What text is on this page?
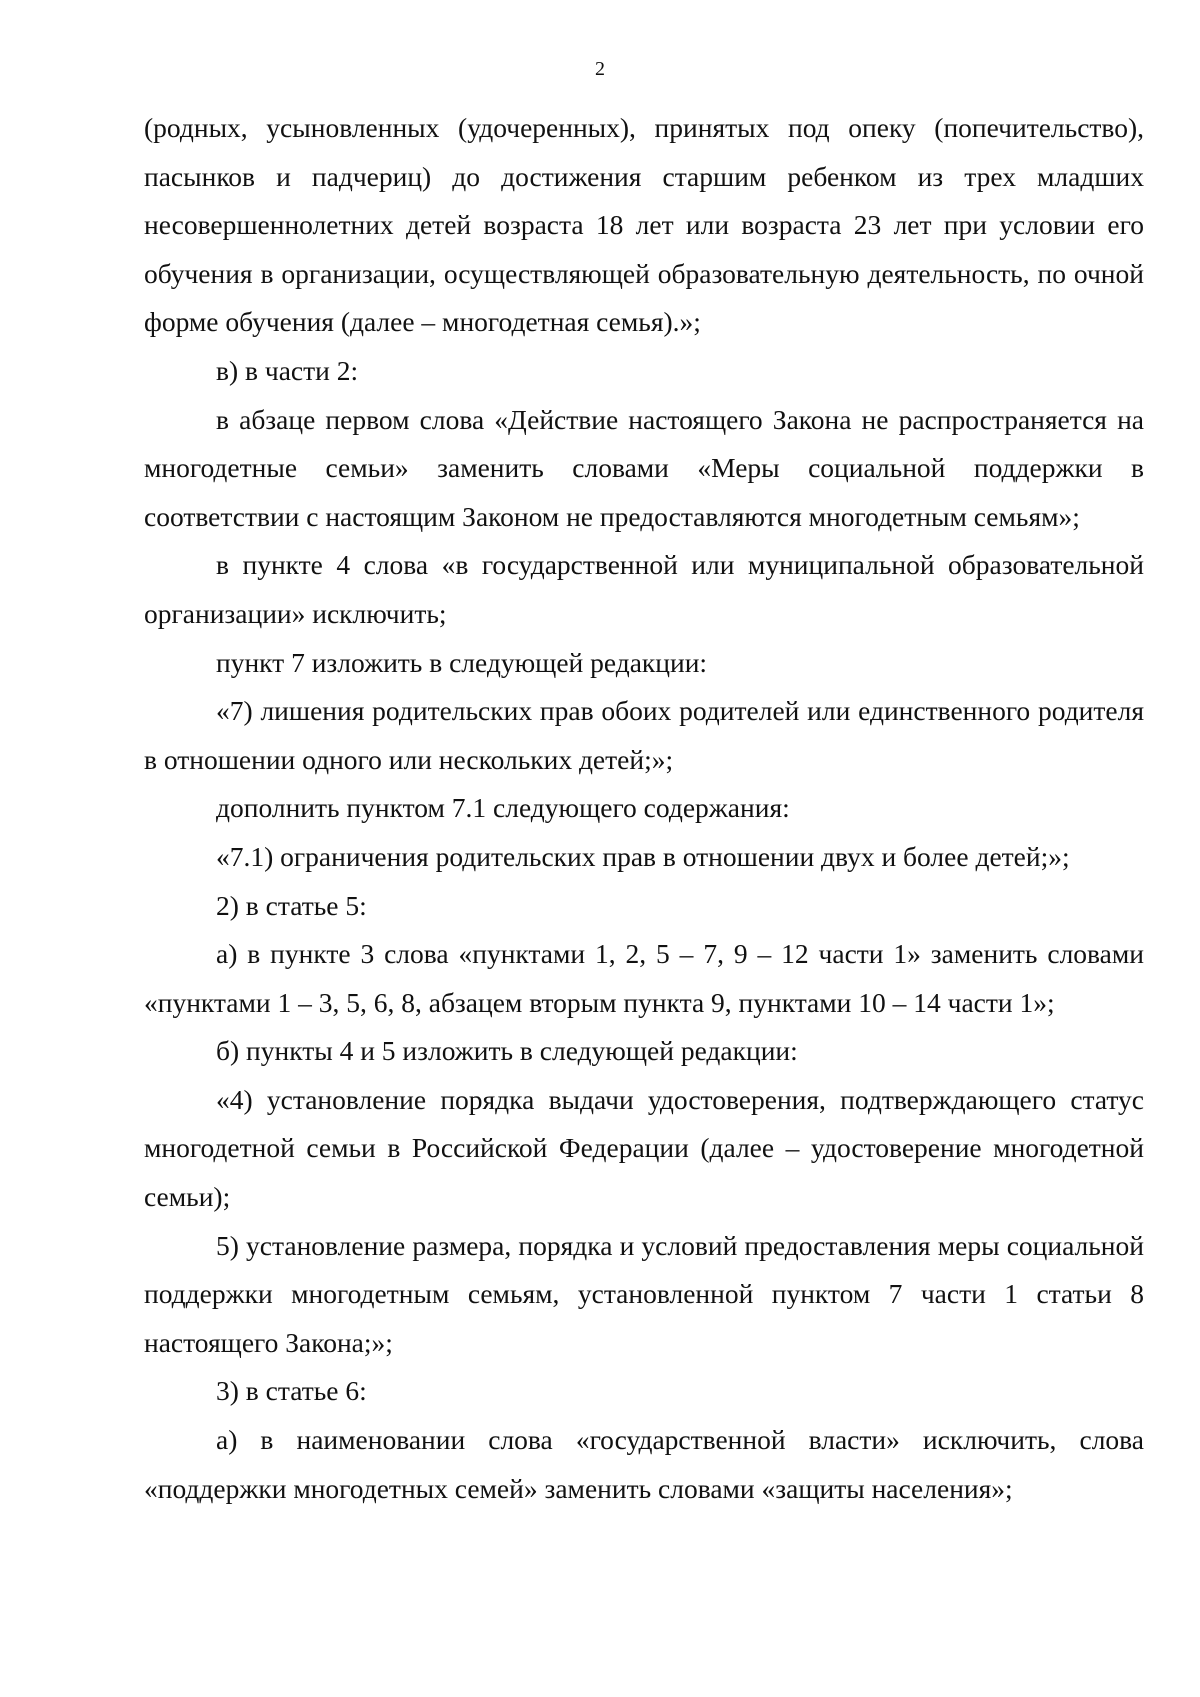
2

(родных, усыновленных (удочеренных), принятых под опеку (попечительство), пасынков и падчериц) до достижения старшим ребенком из трех младших несовершеннолетних детей возраста 18 лет или возраста 23 лет при условии его обучения в организации, осуществляющей образовательную деятельность, по очной форме обучения (далее – многодетная семья).»;

в) в части 2:

в абзаце первом слова «Действие настоящего Закона не распространяется на многодетные семьи» заменить словами «Меры социальной поддержки в соответствии с настоящим Законом не предоставляются многодетным семьям»;

в пункте 4 слова «в государственной или муниципальной образовательной организации» исключить;

пункт 7 изложить в следующей редакции:

«7) лишения родительских прав обоих родителей или единственного родителя в отношении одного или нескольких детей;»;

дополнить пунктом 7.1 следующего содержания:

«7.1) ограничения родительских прав в отношении двух и более детей;»;

2) в статье 5:

а) в пункте 3 слова «пунктами 1, 2, 5 – 7, 9 – 12 части 1» заменить словами «пунктами 1 – 3, 5, 6, 8, абзацем вторым пункта 9, пунктами 10 – 14 части 1»;

б) пункты 4 и 5 изложить в следующей редакции:

«4) установление порядка выдачи удостоверения, подтверждающего статус многодетной семьи в Российской Федерации (далее – удостоверение многодетной семьи);

5) установление размера, порядка и условий предоставления меры социальной поддержки многодетным семьям, установленной пунктом 7 части 1 статьи 8 настоящего Закона;»;

3) в статье 6:

а) в наименовании слова «государственной власти» исключить, слова «поддержки многодетных семей» заменить словами «защиты населения»;
